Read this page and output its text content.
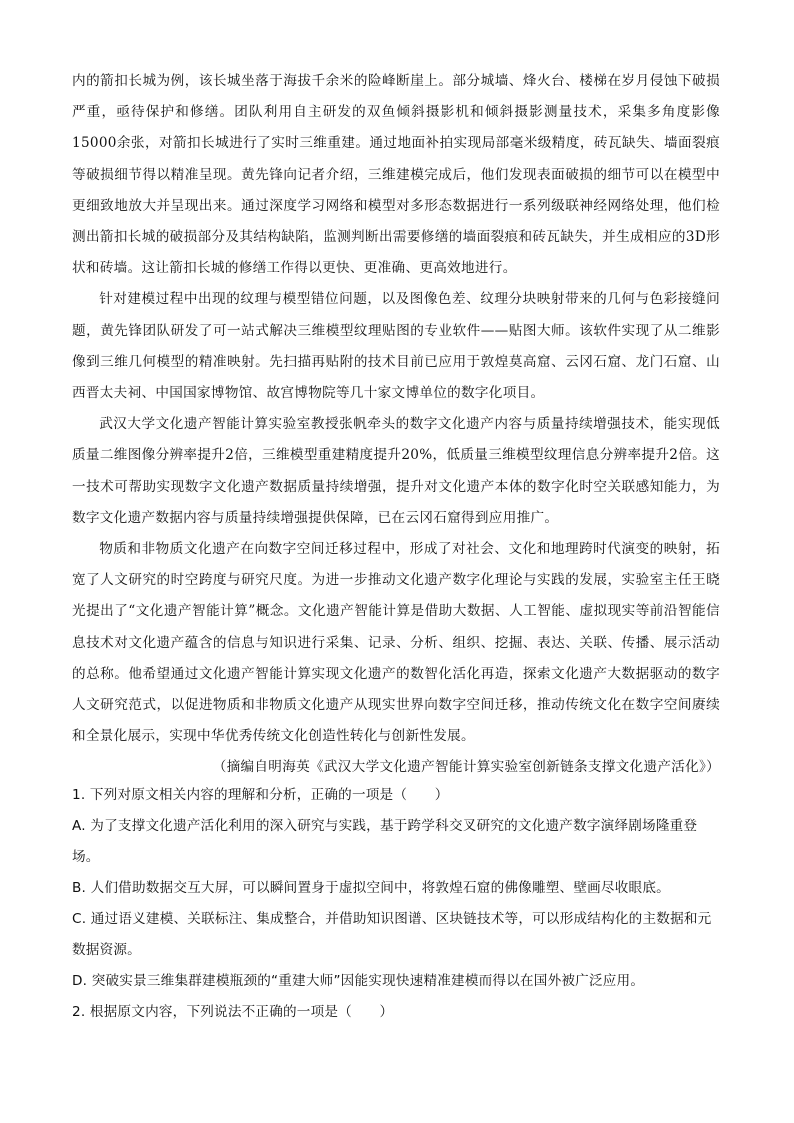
内的箭扣长城为例，该长城坐落于海拔千余米的险峰断崖上。部分城墙、烽火台、楼梯在岁月侵蚀下破损严重，亟待保护和修缮。团队利用自主研发的双鱼倾斜摄影机和倾斜摄影测量技术，采集多角度影像15000余张，对箭扣长城进行了实时三维重建。通过地面补拍实现局部毫米级精度，砖瓦缺失、墙面裂痕等破损细节得以精准呈现。黄先锋向记者介绍，三维建模完成后，他们发现表面破损的细节可以在模型中更细致地放大并呈现出来。通过深度学习网络和模型对多形态数据进行一系列级联神经网络处理，他们检测出箭扣长城的破损部分及其结构缺陷，监测判断出需要修缮的墙面裂痕和砖瓦缺失，并生成相应的3D形状和砖墙。这让箭扣长城的修缮工作得以更快、更准确、更高效地进行。

针对建模过程中出现的纹理与模型错位问题，以及图像色差、纹理分块映射带来的几何与色彩接缝问题，黄先锋团队研发了可一站式解决三维模型纹理贴图的专业软件——贴图大师。该软件实现了从二维影像到三维几何模型的精准映射。先扫描再贴附的技术目前已应用于敦煌莫高窟、云冈石窟、龙门石窟、山西晋太夫祠、中国国家博物馆、故宫博物院等几十家文博单位的数字化项目。

武汉大学文化遗产智能计算实验室教授张帆牵头的数字文化遗产内容与质量持续增强技术，能实现低质量二维图像分辨率提升2倍，三维模型重建精度提升20%，低质量三维模型纹理信息分辨率提升2倍。这一技术可帮助实现数字文化遗产数据质量持续增强，提升对文化遗产本体的数字化时空关联感知能力，为数字文化遗产数据内容与质量持续增强提供保障，已在云冈石窟得到应用推广。

物质和非物质文化遗产在向数字空间迁移过程中，形成了对社会、文化和地理跨时代演变的映射，拓宽了人文研究的时空跨度与研究尺度。为进一步推动文化遗产数字化理论与实践的发展，实验室主任王晓光提出了“文化遗产智能计算”概念。文化遗产智能计算是借助大数据、人工智能、虚拟现实等前沿智能信息技术对文化遗产蕴含的信息与知识进行采集、记录、分析、组织、挖掘、表达、关联、传播、展示活动的总称。他希望通过文化遗产智能计算实现文化遗产的数智化活化再造，探索文化遗产大数据驱动的数字人文研究范式，以促进物质和非物质文化遗产从现实世界向数字空间迁移，推动传统文化在数字空间赓续和全景化展示，实现中华优秀传统文化创造性转化与创新性发展。

（摘编自明海英《武汉大学文化遗产智能计算实验室创新链条支撑文化遗产活化》）

1. 下列对原文相关内容的理解和分析，正确的一项是（　　）

A. 为了支撑文化遗产活化利用的深入研究与实践，基于跨学科交叉研究的文化遗产数字演绎剧场隆重登场。

B. 人们借助数据交互大屏，可以瞬间置身于虚拟空间中，将敦煌石窟的佛像雕塑、壁画尽收眼底。

C. 通过语义建模、关联标注、集成整合，并借助知识图谱、区块链技术等，可以形成结构化的主数据和元数据资源。

D. 突破实景三维集群建模瓶颈的“重建大师”因能实现快速精准建模而得以在国外被广泛应用。

2. 根据原文内容，下列说法不正确的一项是（　　）
